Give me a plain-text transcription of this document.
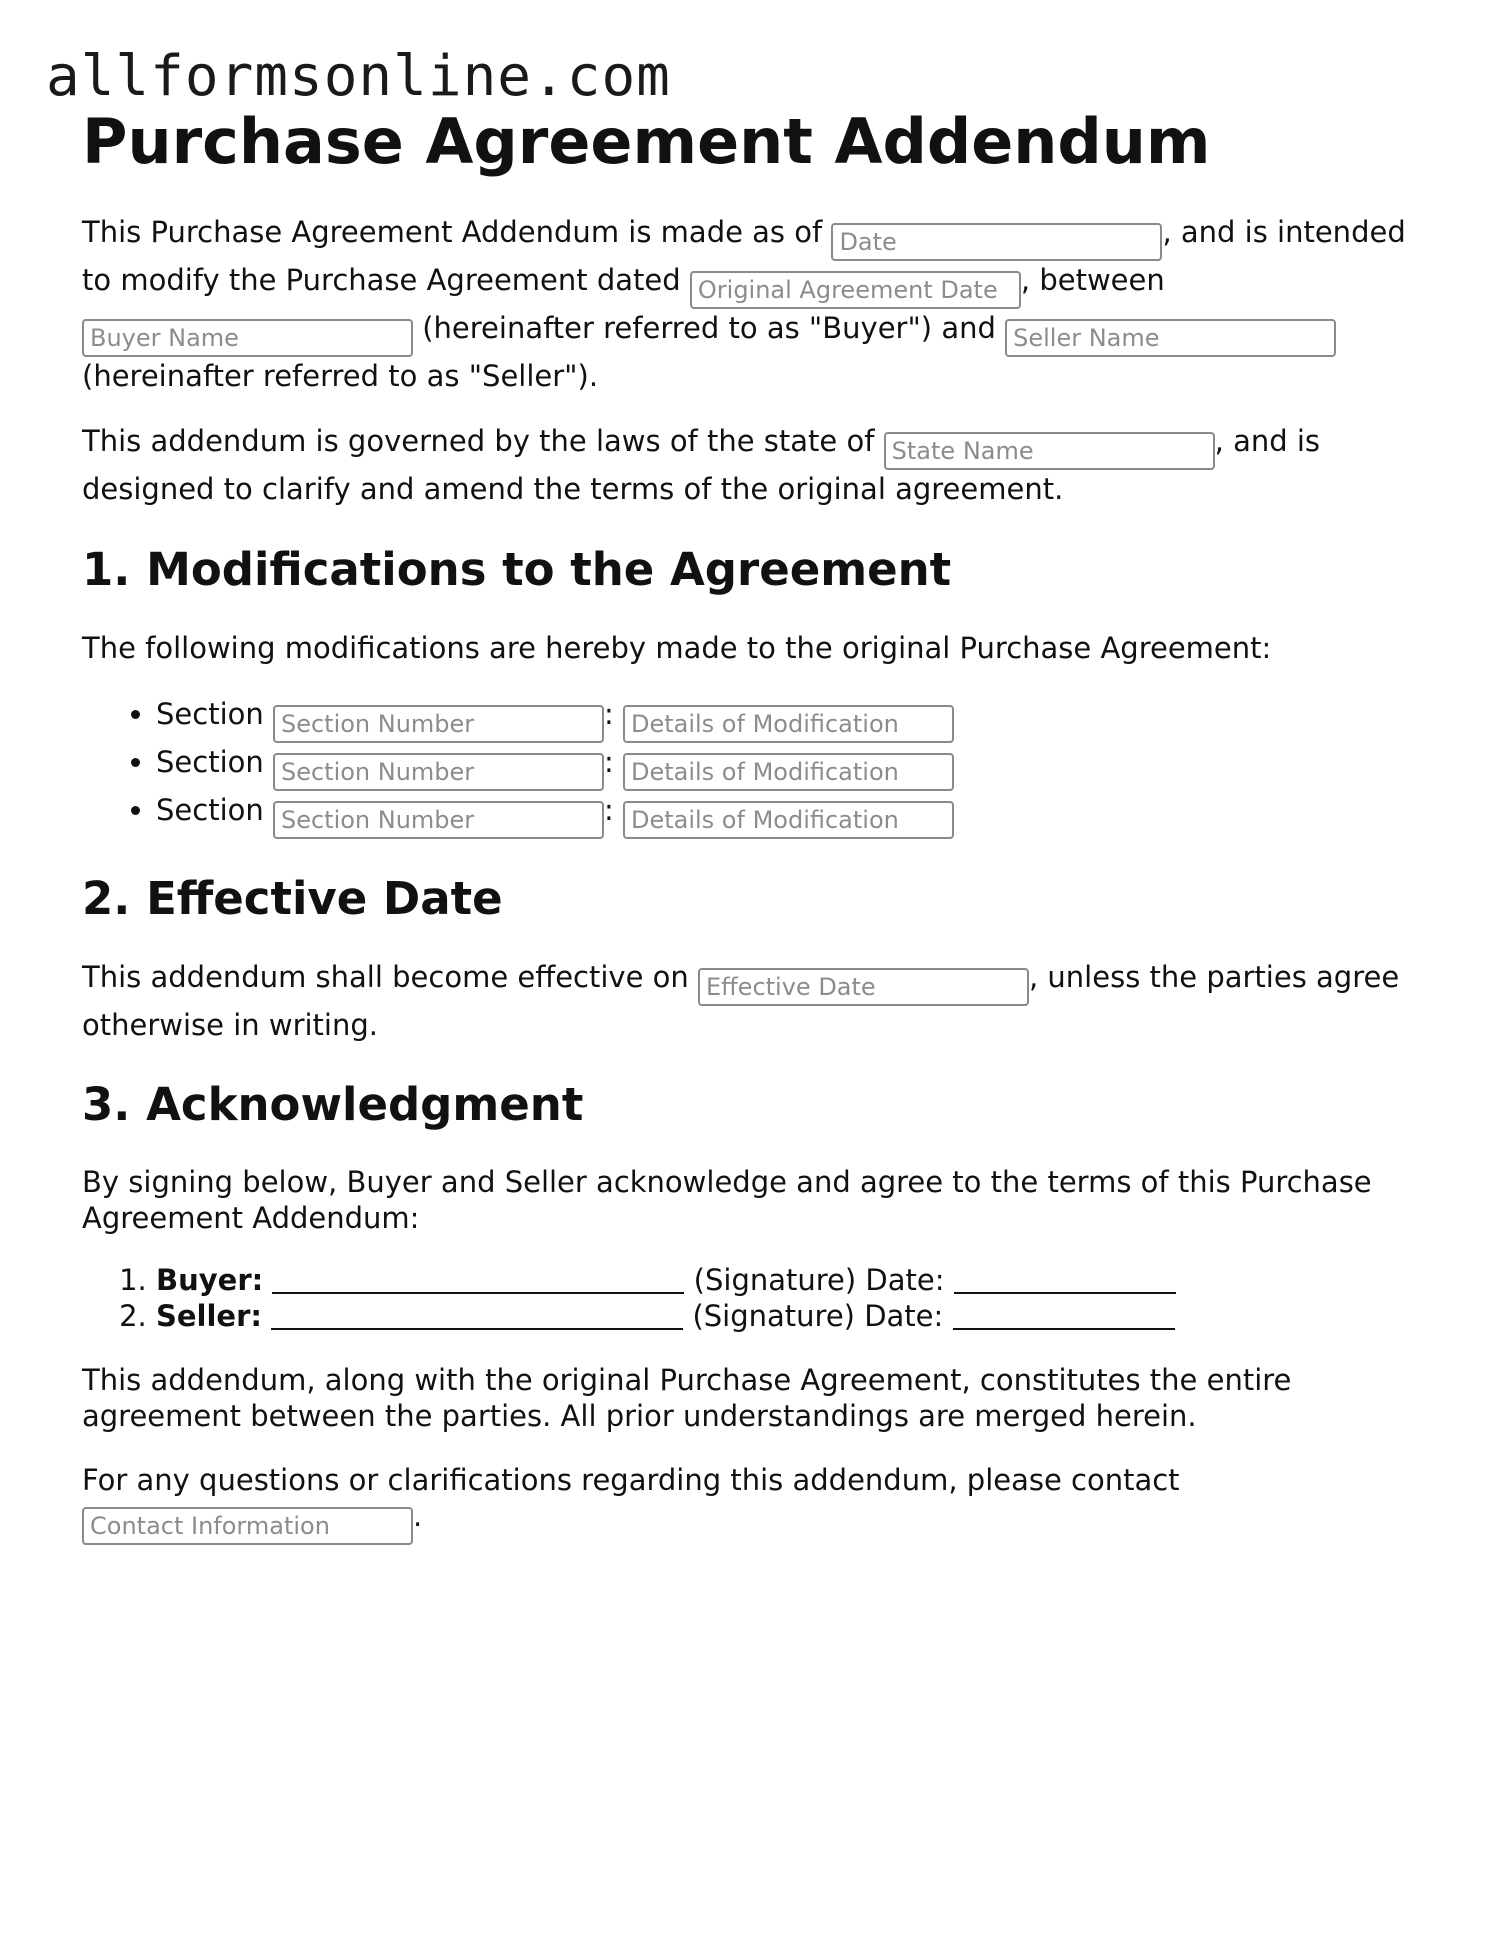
allformsonline.com
Purchase Agreement Addendum

This Purchase Agreement Addendum is made as of Date	, and is intended to modify the Purchase Agreement dated Original Agreement Date	, between Buyer Name (hereinafter referred to as "Buyer") and Seller Name (hereinafter referred to as "Seller").

This addendum is governed by the laws of the state of State Name	, and is designed to clarify and amend the terms of the original agreement.

1. Modifications to the Agreement

The following modifications are hereby made to the original Purchase Agreement:

• Section Section Number	: Details of Modification
• Section Section Number	: Details of Modification
• Section Section Number	: Details of Modification
2. Effective Date

This addendum shall become effective on Effective Date	, unless the parties agree otherwise in writing.

3. Acknowledgment

By signing below, Buyer and Seller acknowledge and agree to the terms of this Purchase Agreement Addendum:

1. Buyer:	(Signature) Date:
2. Seller:	(Signature) Date:

This addendum, along with the original Purchase Agreement, constitutes the entire agreement between the parties. All prior understandings are merged herein.

For any questions or clarifications regarding this addendum, please contact Contact Information.
